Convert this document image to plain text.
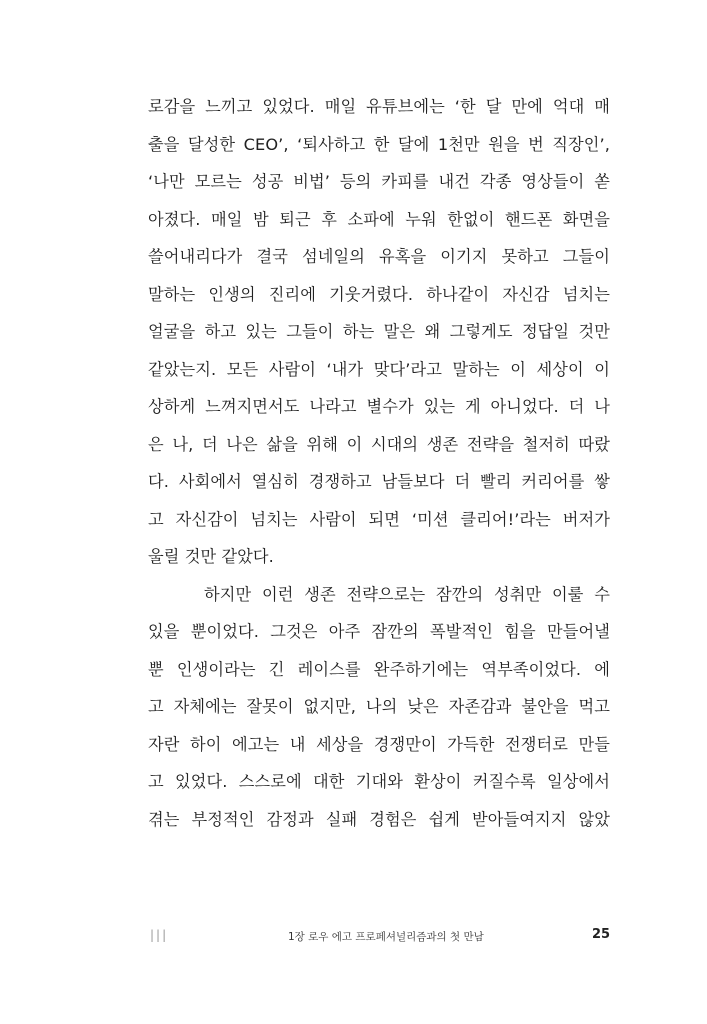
로감을 느끼고 있었다. 매일 유튜브에는 ‘한 달 만에 억대 매
출을 달성한 CEO’, ‘퇴사하고 한 달에 1천만 원을 번 직장인’,
‘나만 모르는 성공 비법’ 등의 카피를 내건 각종 영상들이 쏟
아졌다. 매일 밤 퇴근 후 소파에 누워 한없이 핸드폰 화면을
쓸어내리다가 결국 섬네일의 유혹을 이기지 못하고 그들이
말하는 인생의 진리에 기웃거렸다. 하나같이 자신감 넘치는
얼굴을 하고 있는 그들이 하는 말은 왜 그렇게도 정답일 것만
같았는지. 모든 사람이 ‘내가 맞다’라고 말하는 이 세상이 이
상하게 느껴지면서도 나라고 별수가 있는 게 아니었다. 더 나
은 나, 더 나은 삶을 위해 이 시대의 생존 전략을 철저히 따랐
다. 사회에서 열심히 경쟁하고 남들보다 더 빨리 커리어를 쌓
고 자신감이 넘치는 사람이 되면 ‘미션 클리어!’라는 버저가
울릴 것만 같았다.
하지만 이런 생존 전략으로는 잠깐의 성취만 이룰 수
있을 뿐이었다. 그것은 아주 잠깐의 폭발적인 힘을 만들어낼
뿐 인생이라는 긴 레이스를 완주하기에는 역부족이었다. 에
고 자체에는 잘못이 없지만, 나의 낮은 자존감과 불안을 먹고
자란 하이 에고는 내 세상을 경쟁만이 가득한 전쟁터로 만들
고 있었다. 스스로에 대한 기대와 환상이 커질수록 일상에서
겪는 부정적인 감정과 실패 경험은 쉽게 받아들여지지 않았
|||	1장 로우 에고 프로페셔널리즘과의 첫 만남	25
